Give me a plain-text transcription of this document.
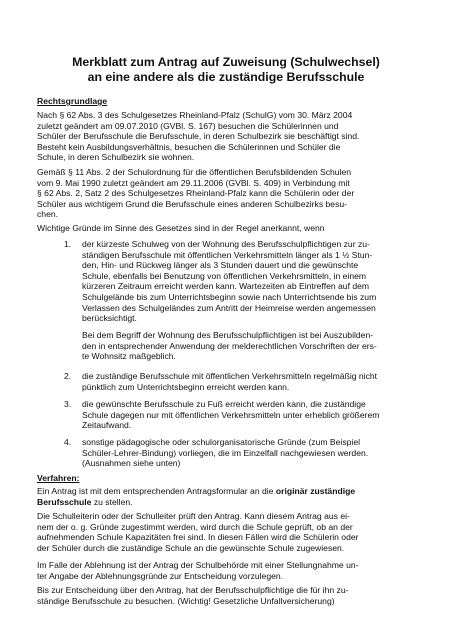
Merkblatt zum Antrag auf Zuweisung (Schulwechsel)
an eine andere als die zuständige Berufsschule
Rechtsgrundlage
Nach § 62 Abs. 3 des Schulgesetzes Rheinland-Pfalz (SchulG) vom 30. März 2004
zuletzt geändert am 09.07.2010 (GVBl. S. 167) besuchen die Schülerinnen und
Schüler der Berufsschule die Berufsschule, in deren Schulbezirk sie beschäftigt sind.
Besteht kein Ausbildungsverhältnis, besuchen die Schülerinnen und Schüler die
Schule, in deren Schulbezirk sie wohnen.
Gemäß § 11 Abs. 2 der Schulordnung für die öffentlichen Berufsbildenden Schulen
vom 9. Mai 1990 zuletzt geändert am 29.11.2006 (GVBl. S. 409) in Verbindung mit
§ 62 Abs. 2, Satz 2 des Schulgesetzes Rheinland-Pfalz kann die Schülerin oder der
Schüler aus wichtigem Grund die Berufsschule eines anderen Schulbezirks besu-
chen.
Wichtige Gründe im Sinne des Gesetzes sind in der Regel anerkannt, wenn
1. der kürzeste Schulweg von der Wohnung des Berufsschulpflichtigen zur zu-
ständigen Berufsschule mit öffentlichen Verkehrsmitteln länger als 1 ½ Stun-
den, Hin- und Rückweg länger als 3 Stunden dauert und die gewünschte
Schule, ebenfalls bei Benutzung von öffentlichen Verkehrsmitteln, in einem
kürzeren Zeitraum erreicht werden kann. Wartezeiten ab Eintreffen auf dem
Schulgelände bis zum Unterrichtsbeginn sowie nach Unterrichtsende bis zum
Verlassen des Schulgeländes zum Antritt der Heimreise werden angemessen
berücksichtigt.
Bei dem Begriff der Wohnung des Berufsschulpflichtigen ist bei Auszubilden-
den in entsprechender Anwendung der melderechtlichen Vorschriften der ers-
te Wohnsitz maßgeblich.
2. die zuständige Berufsschule mit öffentlichen Verkehrsmitteln regelmäßig nicht
pünktlich zum Unterrichtsbeginn erreicht werden kann.
3. die gewünschte Berufsschule zu Fuß erreicht werden kann, die zuständige
Schule dagegen nur mit öffentlichen Verkehrsmitteln unter erheblich größerem
Zeitaufwand.
4. sonstige pädagogische oder schulorganisatorische Gründe (zum Beispiel
Schüler-Lehrer-Bindung) vorliegen, die im Einzelfall nachgewiesen werden.
(Ausnahmen siehe unten)
Verfahren:
Ein Antrag ist mit dem entsprechenden Antragsformular an die originär zuständige
Berufsschule zu stellen.
Die Schulleiterin oder der Schulleiter prüft den Antrag. Kann diesem Antrag aus ei-
nem der o. g. Gründe zugestimmt werden, wird durch die Schule geprüft, ob an der
aufnehmenden Schule Kapazitäten frei sind. In diesen Fällen wird die Schülerin oder
der Schüler durch die zuständige Schule an die gewünschte Schule zugewiesen.
Im Falle der Ablehnung ist der Antrag der Schulbehörde mit einer Stellungnahme un-
ter Angabe der Ablehnungsgründe zur Entscheidung vorzulegen.
Bis zur Entscheidung über den Antrag, hat der Berufsschulpflichtige die für ihn zu-
ständige Berufsschule zu besuchen. (Wichtig! Gesetzliche Unfallversicherung)
